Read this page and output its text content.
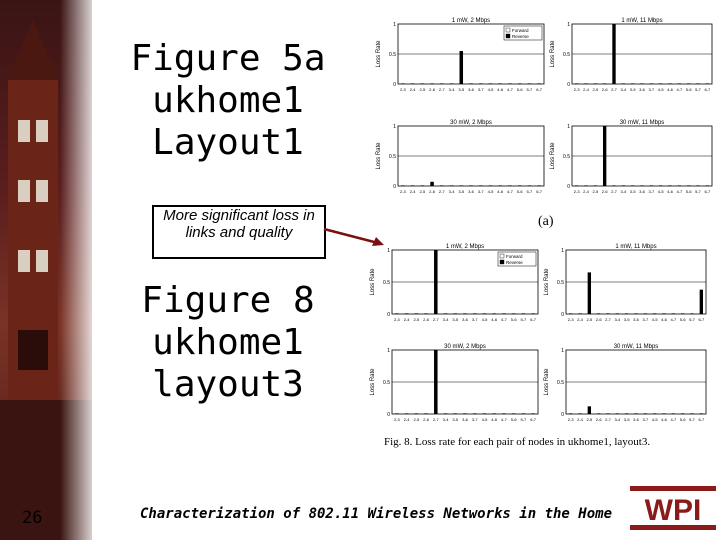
Figure 5a
ukhome1
Layout1
More significant loss in links and quality
Figure 8
ukhome1
layout3
1 mW, 2 Mbps
Loss Rate
1
0.5
0
2-3 2-4 2-5 2-6 2-7 3-4 3-5 3-6 3-7 4-5 4-6 4-7 5-6 5-7 6-7
Forward
Reverse
1 mW, 11 Mbps
Loss Rate
1
0.5
0
2-3 2-4 2-5 2-6 2-7 3-4 3-5 3-6 3-7 4-5 4-6 4-7 5-6 5-7 6-7
30 mW, 2 Mbps
Loss Rate
1
0.5
0
2-3 2-4 2-5 2-6 2-7 3-4 3-5 3-6 3-7 4-5 4-6 4-7 5-6 5-7 6-7
30 mW, 11 Mbps
Loss Rate
1
0.5
0
2-3 2-4 2-5 2-6 2-7 3-4 3-5 3-6 3-7 4-5 4-6 4-7 5-6 5-7 6-7
1 mW, 2 Mbps
Loss Rate
1
0.5
0
2-3 2-4 2-5 2-6 2-7 3-4 3-5 3-6 3-7 4-5 4-6 4-7 5-6 5-7 6-7
Forward
Reverse
1 mW, 11 Mbps
Loss Rate
1
0.5
0
2-3 2-4 2-5 2-6 2-7 3-4 3-5 3-6 3-7 4-5 4-6 4-7 5-6 5-7 6-7
30 mW, 2 Mbps
Loss Rate
1
0.5
0
2-3 2-4 2-5 2-6 2-7 3-4 3-5 3-6 3-7 4-5 4-6 4-7 5-6 5-7 6-7
30 mW, 11 Mbps
Loss Rate
1
0.5
0
2-3 2-4 2-5 2-6 2-7 3-4 3-5 3-6 3-7 4-5 4-6 4-7 5-6 5-7 6-7
(a)
Fig. 8. Loss rate for each pair of nodes in ukhome1, layout3.
26	Characterization of 802.11 Wireless Networks in the Home WPI
